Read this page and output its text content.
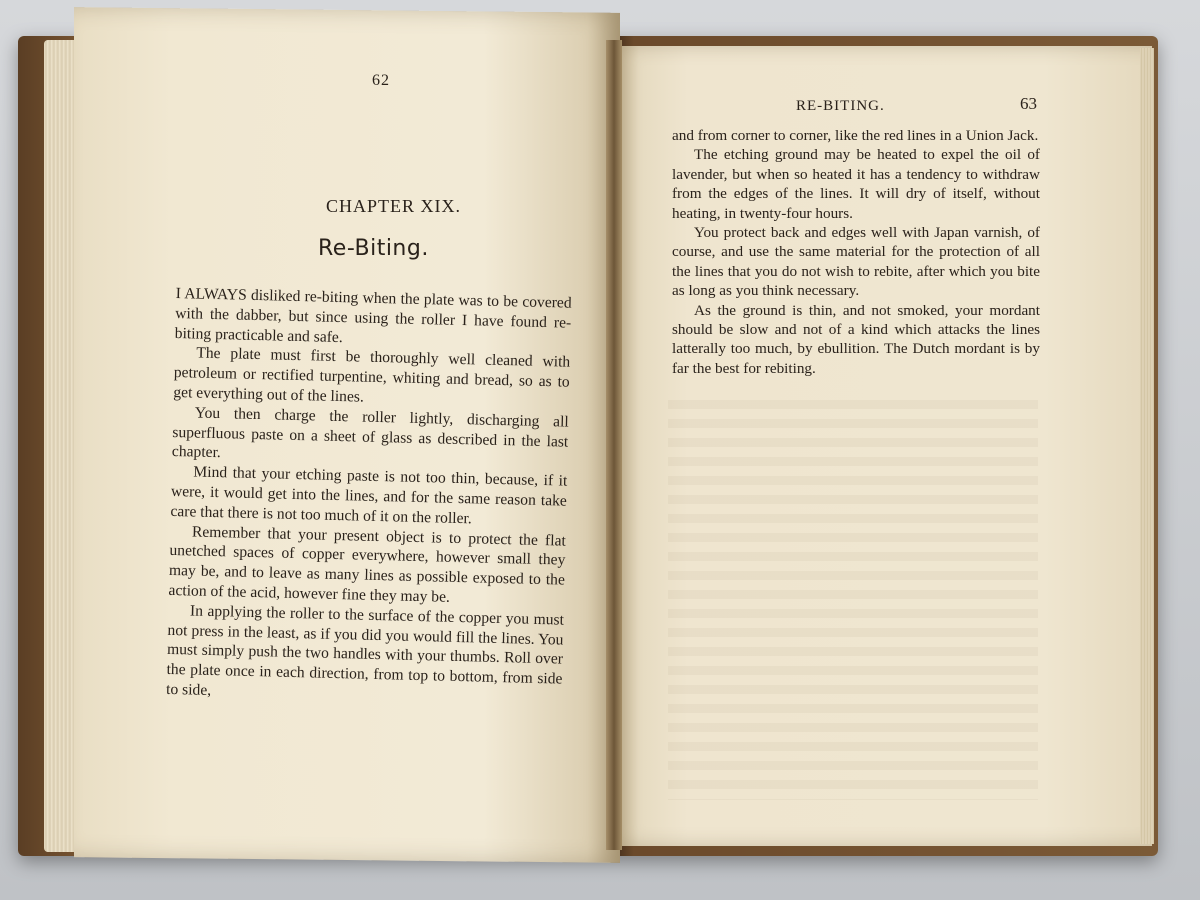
62
CHAPTER XIX.
Re-Biting.

I ALWAYS disliked re-biting when the plate was to be covered with the dabber, but since using the roller I have found re-biting practicable and safe.

The plate must first be thoroughly well cleaned with petroleum or rectified turpentine, whiting and bread, so as to get everything out of the lines.

You then charge the roller lightly, discharging all superfluous paste on a sheet of glass as described in the last chapter.

Mind that your etching paste is not too thin, because, if it were, it would get into the lines, and for the same reason take care that there is not too much of it on the roller.

Remember that your present object is to protect the flat unetched spaces of copper everywhere, however small they may be, and to leave as many lines as possible exposed to the action of the acid, however fine they may be.

In applying the roller to the surface of the copper you must not press in the least, as if you did you would fill the lines. You must simply push the two handles with your thumbs. Roll over the plate once in each direction, from top to bottom, from side to side,

RE-BITING.	63

and from corner to corner, like the red lines in a Union Jack.

The etching ground may be heated to expel the oil of lavender, but when so heated it has a tendency to withdraw from the edges of the lines. It will dry of itself, without heating, in twenty-four hours.

You protect back and edges well with Japan varnish, of course, and use the same material for the protection of all the lines that you do not wish to rebite, after which you bite as long as you think necessary.

As the ground is thin, and not smoked, your mordant should be slow and not of a kind which attacks the lines latterally too much, by ebullition. The Dutch mordant is by far the best for rebiting.
